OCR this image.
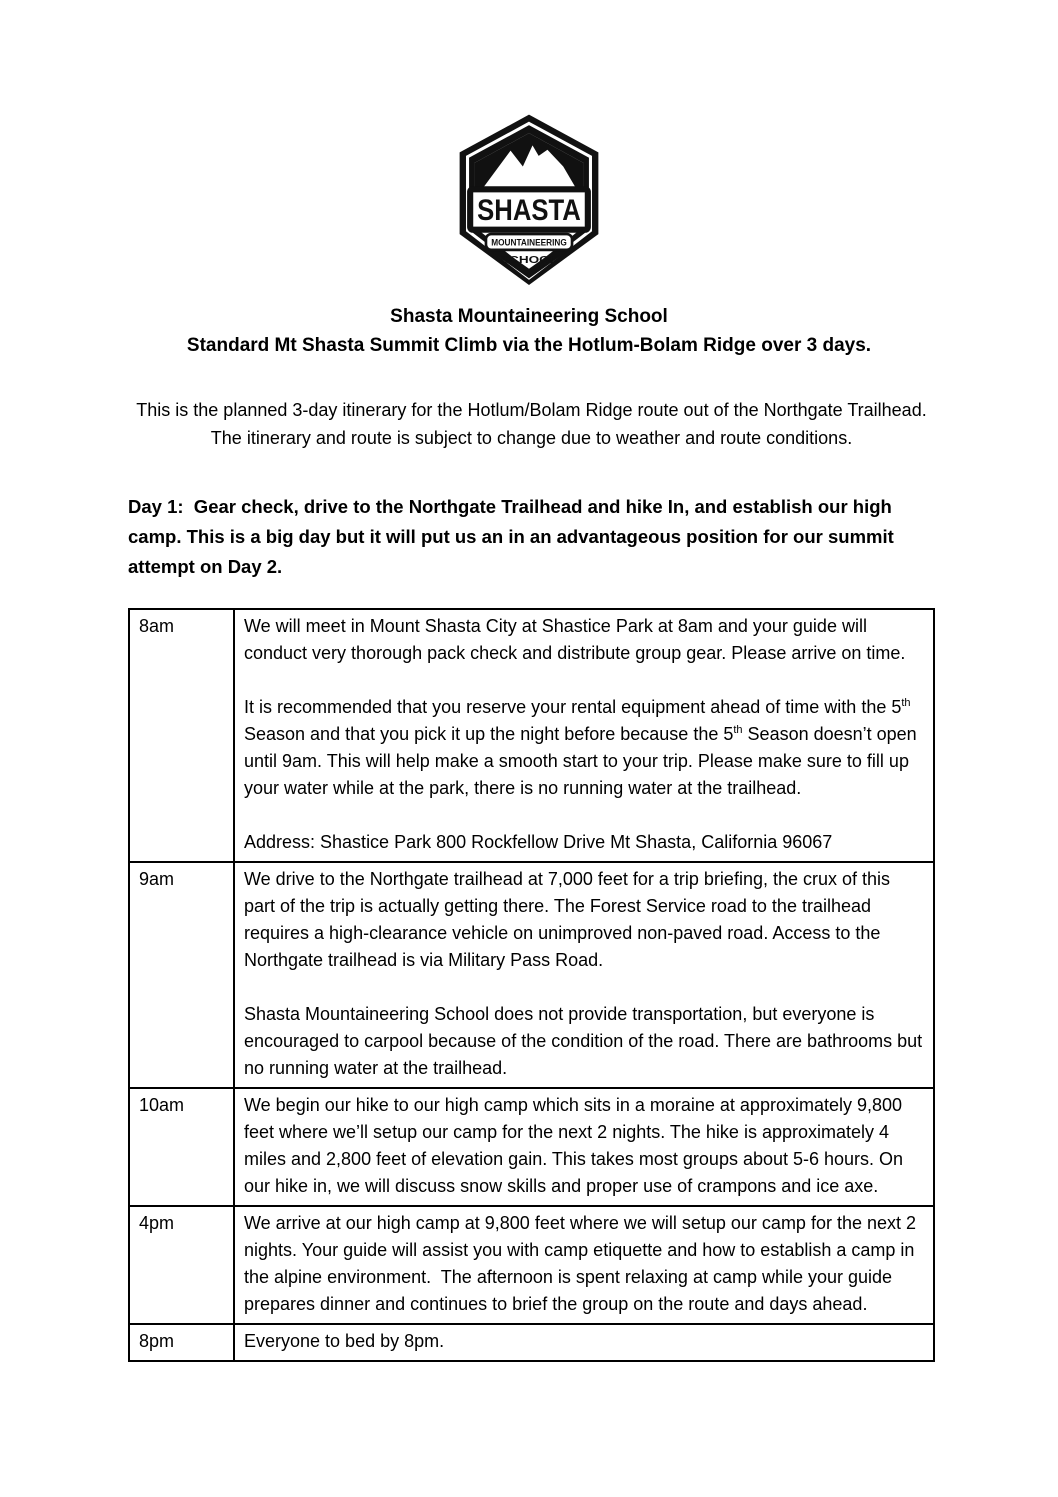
SHASTA
MOUNTAINEERING
SCHOOL
Shasta Mountaineering School
Standard Mt Shasta Summit Climb via the Hotlum-Bolam Ridge over 3 days.

This is the planned 3-day itinerary for the Hotlum/Bolam Ridge route out of the Northgate Trailhead. The itinerary and route is subject to change due to weather and route conditions.

Day 1:  Gear check, drive to the Northgate Trailhead and hike In, and establish our high camp. This is a big day but it will put us an in an advantageous position for our summit attempt on Day 2.

8am	We will meet in Mount Shasta City at Shastice Park at 8am and your guide will conduct very thorough pack check and distribute group gear. Please arrive on time.
It is recommended that you reserve your rental equipment ahead of time with the 5th Season and that you pick it up the night before because the 5th Season doesn’t open until 9am. This will help make a smooth start to your trip. Please make sure to fill up your water while at the park, there is no running water at the trailhead.
Address: Shastice Park 800 Rockfellow Drive Mt Shasta, California 96067

9am	We drive to the Northgate trailhead at 7,000 feet for a trip briefing, the crux of this part of the trip is actually getting there. The Forest Service road to the trailhead requires a high-clearance vehicle on unimproved non-paved road. Access to the Northgate trailhead is via Military Pass Road.
Shasta Mountaineering School does not provide transportation, but everyone is encouraged to carpool because of the condition of the road. There are bathrooms but no running water at the trailhead.

10am	We begin our hike to our high camp which sits in a moraine at approximately 9,800 feet where we’ll setup our camp for the next 2 nights. The hike is approximately 4 miles and 2,800 feet of elevation gain. This takes most groups about 5-6 hours. On our hike in, we will discuss snow skills and proper use of crampons and ice axe.

4pm	We arrive at our high camp at 9,800 feet where we will setup our camp for the next 2 nights. Your guide will assist you with camp etiquette and how to establish a camp in the alpine environment.  The afternoon is spent relaxing at camp while your guide prepares dinner and continues to brief the group on the route and days ahead.

8pm	Everyone to bed by 8pm.
